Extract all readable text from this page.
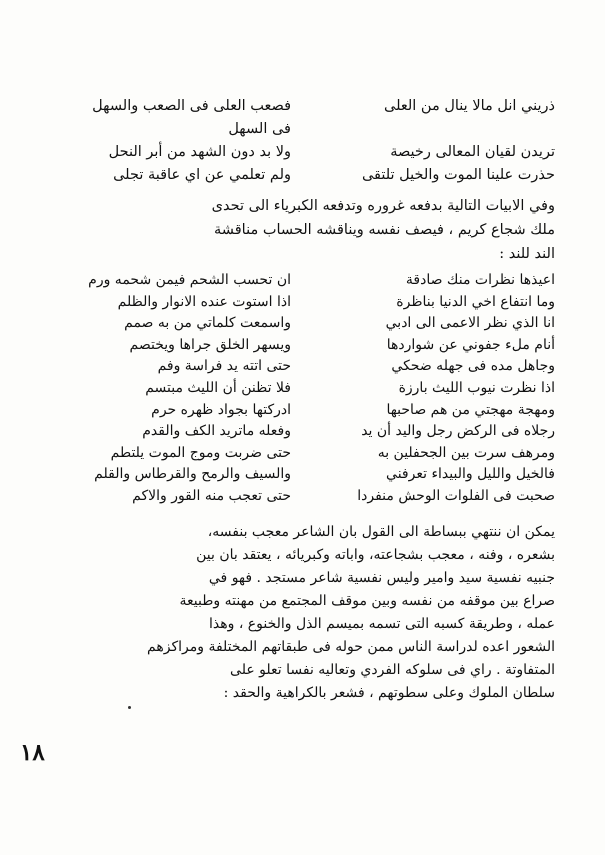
ذريني انل مالا ينال من العلى
فصعب العلى فى الصعب والسهل
فى السهل
تريدن لقيان المعالى رخيصة
ولا بد دون الشهد من أبر النحل
حذرت علينا الموت والخيل تلتقى
ولم تعلمي عن اي عاقبة تجلى
وفي الابيات التالية بدفعه غروره وتدفعه الكبرياء الى تحدى
ملك شجاع كريم ، فيصف نفسه ويناقشه الحساب مناقشة
الند للند :
اعيذها نظرات منك صادقة
ان تحسب الشحم فيمن شحمه ورم
وما انتفاع اخي الدنيا بناظرة
اذا استوت عنده الانوار والظلم
انا الذي نظر الاعمى الى ادبي
واسمعت كلماتي من به صمم
أنام ملء جفوني عن شواردها
ويسهر الخلق جراها ويختصم
وجاهل مده فى جهله ضحكي
حتى اتته يد فراسة وفم
اذا نظرت نيوب الليث بارزة
فلا تظنن أن الليث مبتسم
ومهجة مهجتي من هم صاحبها
ادركتها بجواد ظهره حرم
رجلاه فى الركض رجل واليد أن يد
وفعله ماتريد الكف والقدم
ومرهف سرت بين الجحفلين به
حتى ضربت وموج الموت يلتطم
فالخيل والليل والبيداء تعرفني
والسيف والرمح والقرطاس والقلم
صحبت فى الفلوات الوحش منفردا
حتى تعجب منه القور والاكم
يمكن ان ننتهي ببساطة الى القول بان الشاعر معجب بنفسه،
بشعره ، وفنه ، معجب بشجاعته، واباته وكبريائه ، يعتقد بان بين
جنبيه نفسية سيد وامير وليس نفسية شاعر مستجد . فهو في
صراع بين موقفه من نفسه وبين موقف المجتمع من مهنته وطبيعة
عمله ، وطريقة كسبه التى تسمه بميسم الذل والخنوع ، وهذا
الشعور اعده لدراسة الناس ممن حوله فى طبقاتهم المختلفة ومراكزهم
المتفاوتة . راي فى سلوكه الفردي وتعاليه نفسا تعلو على
سلطان الملوك وعلى سطوتهم ، فشعر بالكراهية والحقد :
١٨
